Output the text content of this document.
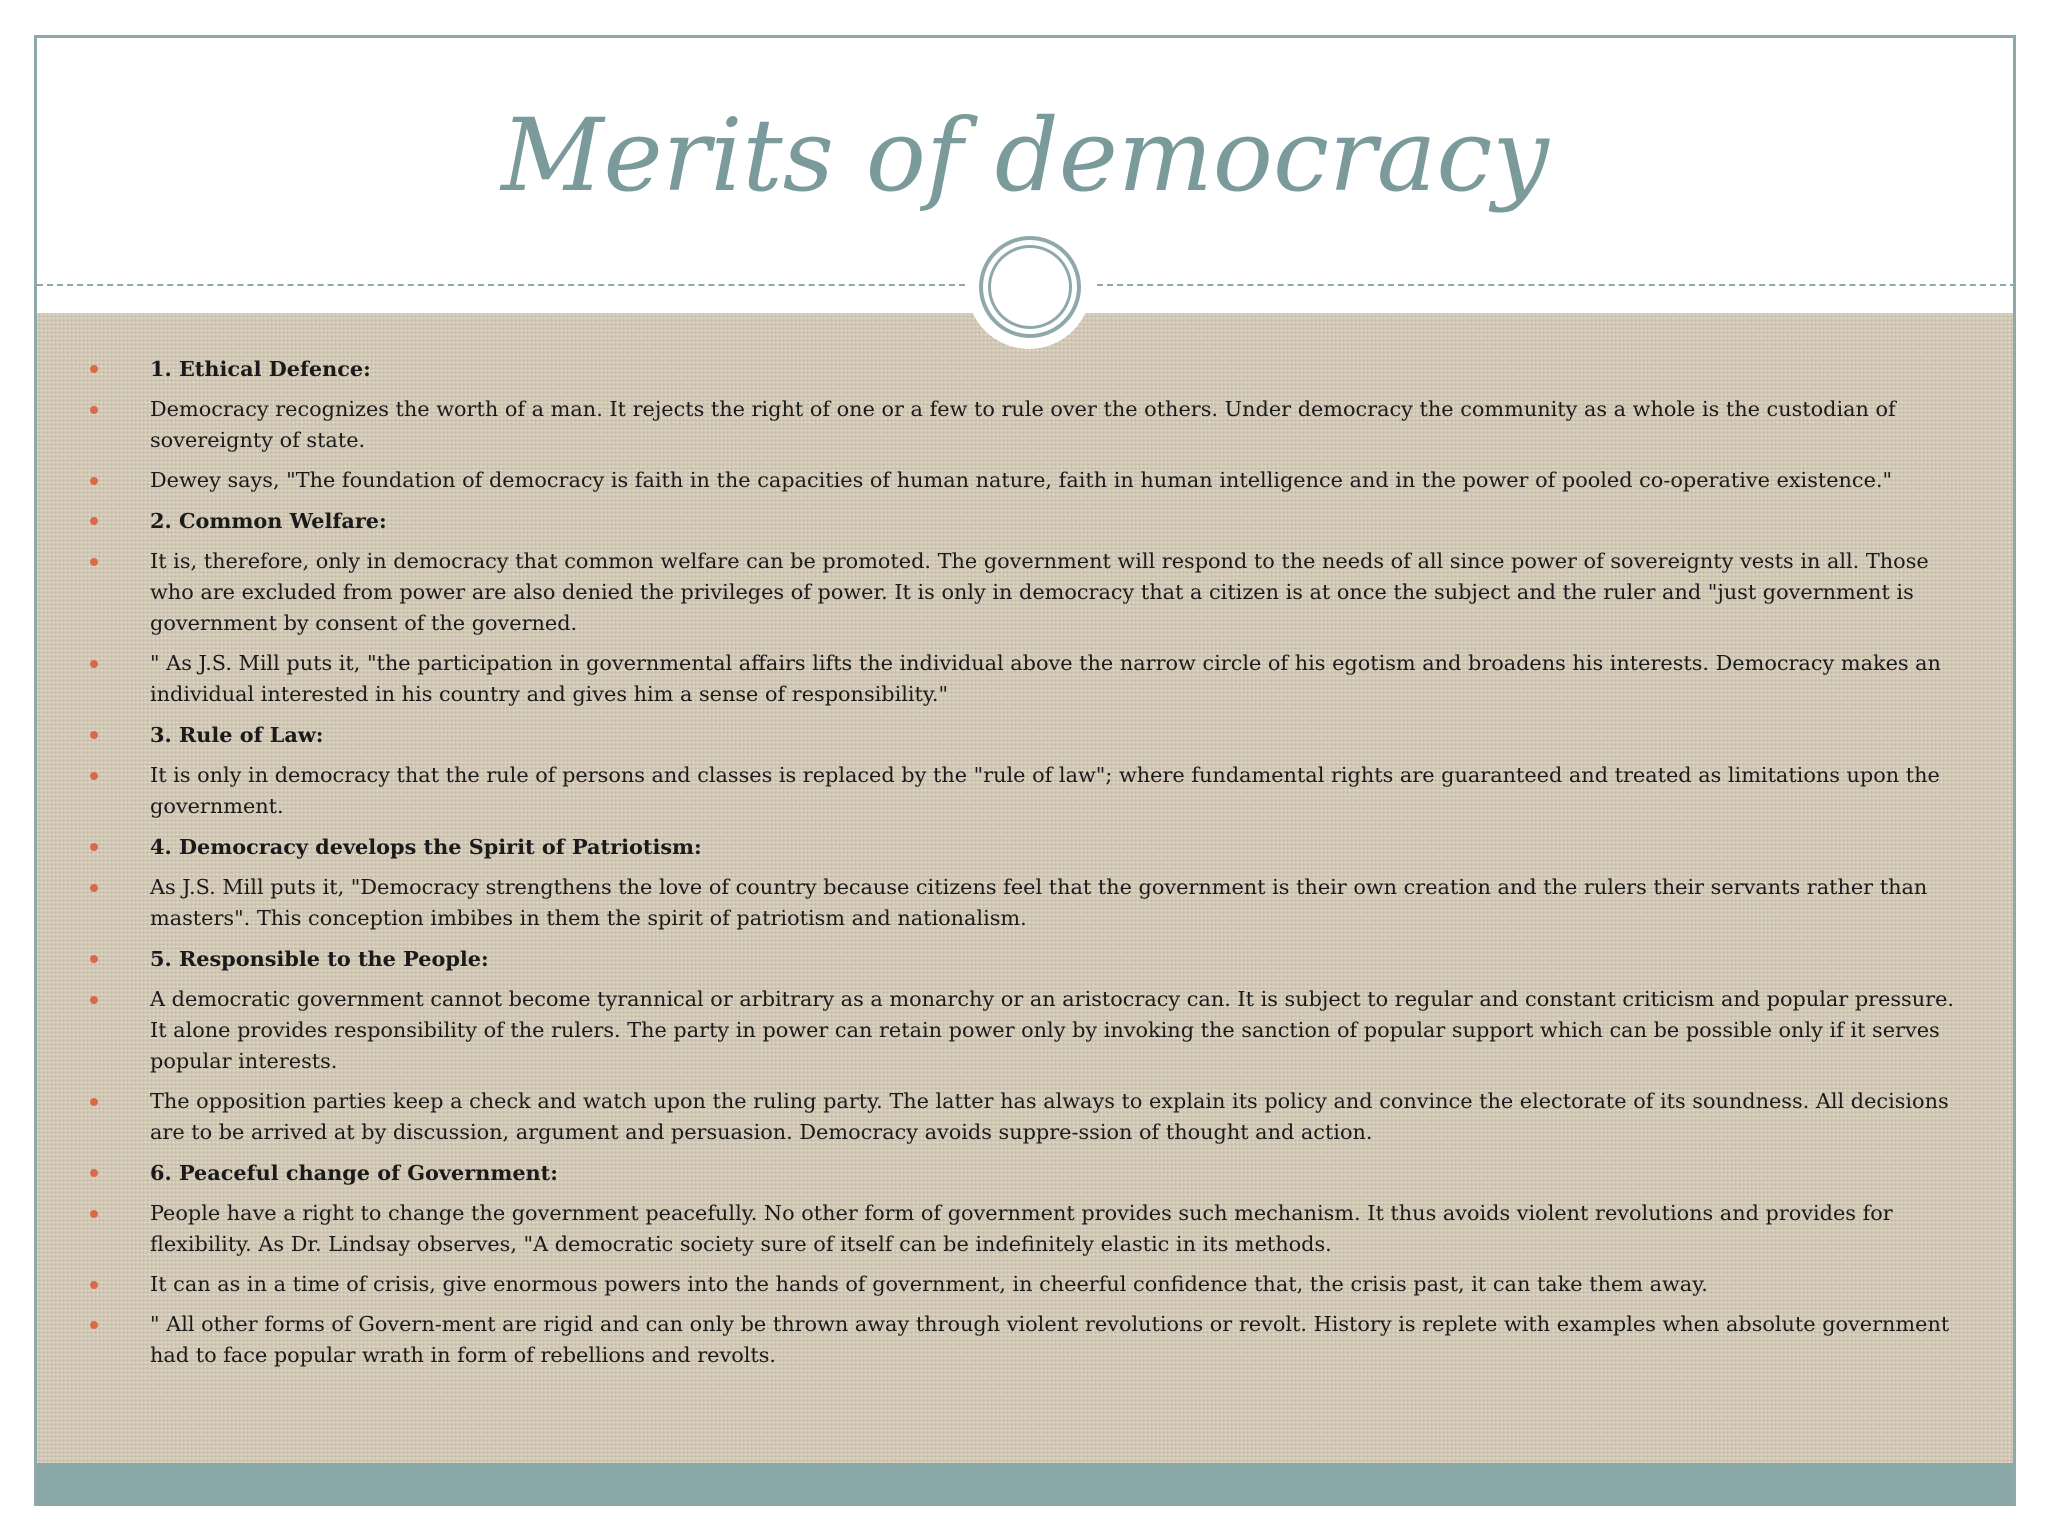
Merits of democracy
1. Ethical Defence:
Democracy recognizes the worth of a man. It rejects the right of one or a few to rule over the others. Under democracy the community as a whole is the custodian of sovereignty of state.
Dewey says, "The foundation of democracy is faith in the capacities of human nature, faith in human intelligence and in the power of pooled co-operative existence."
2. Common Welfare:
It is, therefore, only in democracy that common welfare can be promoted. The government will respond to the needs of all since power of sovereignty vests in all. Those who are excluded from power are also denied the privileges of power. It is only in democracy that a citizen is at once the subject and the ruler and "just government is government by consent of the governed.
" As J.S. Mill puts it, "the participation in governmental affairs lifts the individual above the narrow circle of his egotism and broadens his interests. Democracy makes an individual interested in his country and gives him a sense of responsibility."
3. Rule of Law:
It is only in democracy that the rule of persons and classes is replaced by the "rule of law"; where fundamental rights are guaranteed and treated as limitations upon the government.
4. Democracy develops the Spirit of Patriotism:
As J.S. Mill puts it, "Democracy strengthens the love of country because citizens feel that the government is their own creation and the rulers their servants rather than masters". This conception imbibes in them the spirit of patriotism and nationalism.
5. Responsible to the People:
A democratic government cannot become tyrannical or arbitrary as a monarchy or an aristocracy can. It is subject to regular and constant criticism and popular pressure. It alone provides responsibility of the rulers. The party in power can retain power only by invoking the sanction of popular support which can be possible only if it serves popular interests.
The opposition parties keep a check and watch upon the ruling party. The latter has always to explain its policy and convince the electorate of its soundness. All decisions are to be arrived at by discussion, argument and persuasion. Democracy avoids suppre-ssion of thought and action.
6. Peaceful change of Government:
People have a right to change the government peacefully. No other form of government provides such mechanism. It thus avoids violent revolutions and provides for flexibility. As Dr. Lindsay observes, "A democratic society sure of itself can be indefinitely elastic in its methods.
It can as in a time of crisis, give enormous powers into the hands of government, in cheerful confidence that, the crisis past, it can take them away.
" All other forms of Govern-ment are rigid and can only be thrown away through violent revolutions or revolt. History is replete with examples when absolute government had to face popular wrath in form of rebellions and revolts.
